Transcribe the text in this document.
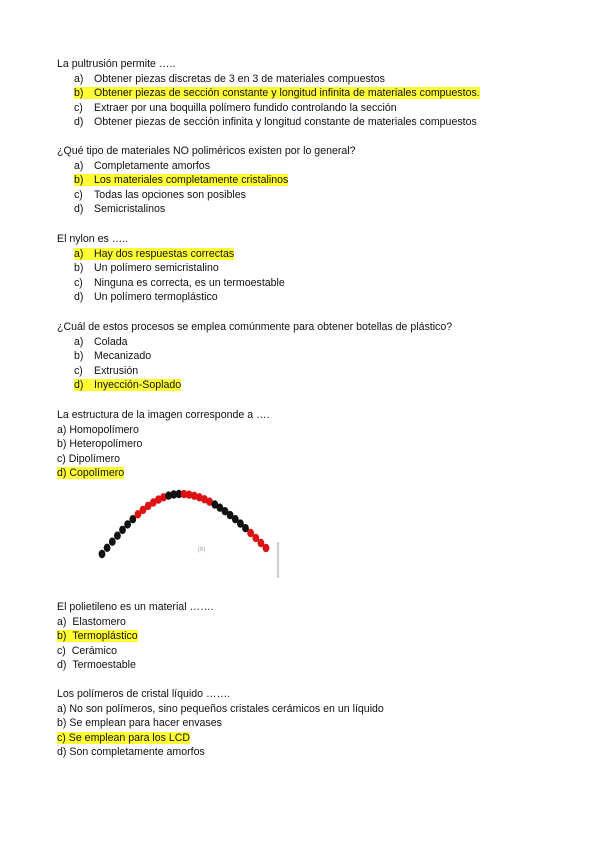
La pultrusión permite …..
a) Obtener piezas discretas de 3 en 3 de materiales compuestos
b) Obtener piezas de sección constante y longitud infinita de materiales compuestos.
c) Extraer por una boquilla polímero fundido controlando la sección
d) Obtener piezas de sección infinita y longitud constante de materiales compuestos
¿Qué tipo de materiales NO poliméricos existen por lo general?
a) Completamente amorfos
b) Los materiales completamente cristalinos
c) Todas las opciones son posibles
d) Semicristalinos
El nylon es …..
a) Hay dos respuestas correctas
b) Un polímero semicristalino
c) Ninguna es correcta, es un termoestable
d) Un polímero termoplástico
¿Cuál de estos procesos se emplea comúnmente para obtener botellas de plástico?
a) Colada
b) Mecanizado
c) Extrusión
d) Inyección-Soplado
La estructura de la imagen corresponde a ….
a) Homopolímero
b) Heteropolímero
c) Dipolímero
d) Copolímero
(b)
El polietileno es un material …….
a) Elastomero
b) Termoplástico
c) Cerámico
d) Termoestable
Los polímeros de cristal líquido …….
a) No son polímeros, sino pequeños cristales cerámicos en un líquido
b) Se emplean para hacer envases
c) Se emplean para los LCD
d) Son completamente amorfos
